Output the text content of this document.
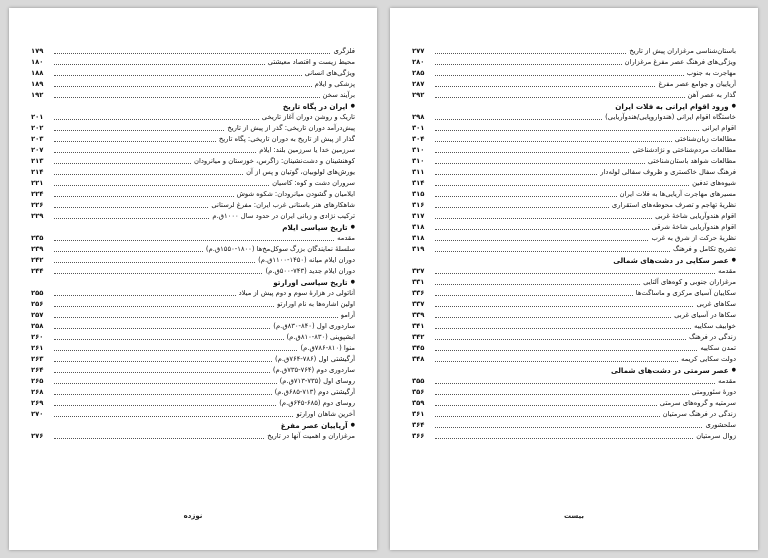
فلزگری
۱۷۹
محیط زیست و اقتصاد معیشتی
۱۸۰
ویژگی‌های انسانی
۱۸۸
پزشکی و ایلام
۱۸۹
برآیند سخن
۱۹۲
● ایران در پگاه تاریخ
تاریک و روشن دوران آغاز تاریخی
۲۰۱
پیش‌درآمد دوران تاریخی: گذر از پیش از تاریخ
۲۰۲
گذار از پیش از تاریخ به دوران تاریخی: پگاه تاریخ
۲۰۳
سرزمین خدا یا سرزمین بلند: ایلام
۲۰۷
کوهنشینان و دشت‌نشینان: زاگرس، خوزستان و میانرودان
۲۱۳
یورش‌های لولوبیان، گوتیان و پس از آن
۲۱۴
سروران دشت و کوه: کاسیان
۲۲۱
ایلامیان و گشودن میانرودان: شکوه شوش
۲۲۴
شاهکارهای هنر باستانی غرب ایران: مفرغ لرستانی
۲۲۶
ترکیب نژادی و زبانی ایران در حدود سال ۱۰۰۰ق.م
۲۲۹
● تاریخ سیاسی ایلام
مقدمه
۲۳۵
سلسلهٔ نمایندگان بزرگ سوکل‌مخ‌ها (۱۸۰۰-۱۵۵۰ق.م)
۲۳۹
دوران ایلام میانه (۱۴۵۰-۱۱۰۰ق.م)
۲۴۲
دوران ایلام جدید (۷۴۳-۵۰۰ق.م)
۲۴۴
● تاریخ سیاسی اورارتو
آناتولی در هزارهٔ سوم و دوم پیش از میلاد
۲۵۵
اولین اشاره‌ها به نام اورارتو
۲۵۶
آرامو
۲۵۷
ساردوری اول (۸۴۰-۸۳۰ق.م)
۲۵۸
ایشپوینی (۸۳۰-۸۱۰ق.م)
۲۶۰
منوا (۸۱۰-۷۸۶ق.م)
۲۶۱
آرگیشتی اول (۷۸۶-۷۶۴ق.م)
۲۶۳
ساردوری دوم (۷۶۴-۷۳۵ق.م)
۲۶۴
روسای اول (۷۳۵-۷۱۳ق.م)
۲۶۵
آرگیشتی دوم (۷۱۳-۶۸۵ق.م)
۲۶۸
روسای دوم (۶۸۵-۶۴۵ق.م)
۲۶۹
آخرین شاهان اورارتو
۲۷۰
● آریاییان عصر مفرغ
مرغزاران و اهمیت آنها در تاریخ
۲۷۶
نوزده
باستان‌شناسی مرغزاران پیش از تاریخ
۲۷۷
ویژگی‌های فرهنگ عصر مفرغ مرغزاران
۲۸۰
مهاجرت به جنوب
۲۸۵
آریاییان و جوامع عصر مفرغ
۲۸۷
گذار به عصر آهن
۲۹۲
● ورود اقوام ایرانی به فلات ایران
خاستگاه اقوام ایرانی (هندواروپایی/هندوآریایی)
۲۹۸
اقوام ایرانی
۳۰۱
مطالعات زبان‌شناختی
۳۰۴
مطالعات مردم‌شناختی و نژادشناختی
۳۱۰
مطالعات شواهد باستان‌شناختی
۳۱۰
فرهنگ سفال خاکستری و ظروف سفالی لوله‌دار
۳۱۱
شیوه‌های تدفین
۳۱۴
مسیرهای مهاجرت آریایی‌ها به فلات ایران
۳۱۵
نظریهٔ تهاجم و تصرف محوطه‌های استقراری
۳۱۶
اقوام هندوآریایی شاخهٔ غربی
۳۱۷
اقوام هندوآریایی شاخهٔ شرقی
۳۱۸
نظریهٔ حرکت از شرق به غرب
۳۱۸
تشریح تکامل و فرهنگ
۳۱۹
● عصر سکایی در دشت‌های شمالی
مقدمه
۳۲۷
مرغزاران جنوبی و کوه‌های آلتایی
۳۳۱
سکاییان آسیای مرکزی و ماساگت‌ها
۳۳۶
سکاهای غربی
۳۳۷
سکاها در آسیای غربی
۳۳۹
خوابیف سکاییه
۳۴۱
زندگی در فرهنگ
۳۴۲
تمدن سکاییه
۳۴۵
دولت سکایی کریمه
۳۴۸
● عصر سرمتی در دشت‌های شمالی
مقدمه
۳۵۵
دورهٔ سئورومتی
۳۵۶
سرمتیه و گروه‌های سرمتی
۳۵۹
زندگی در فرهنگ سرمتیان
۳۶۱
سلحشوری
۳۶۴
زوال سرمتیان
۳۶۶
بیست
